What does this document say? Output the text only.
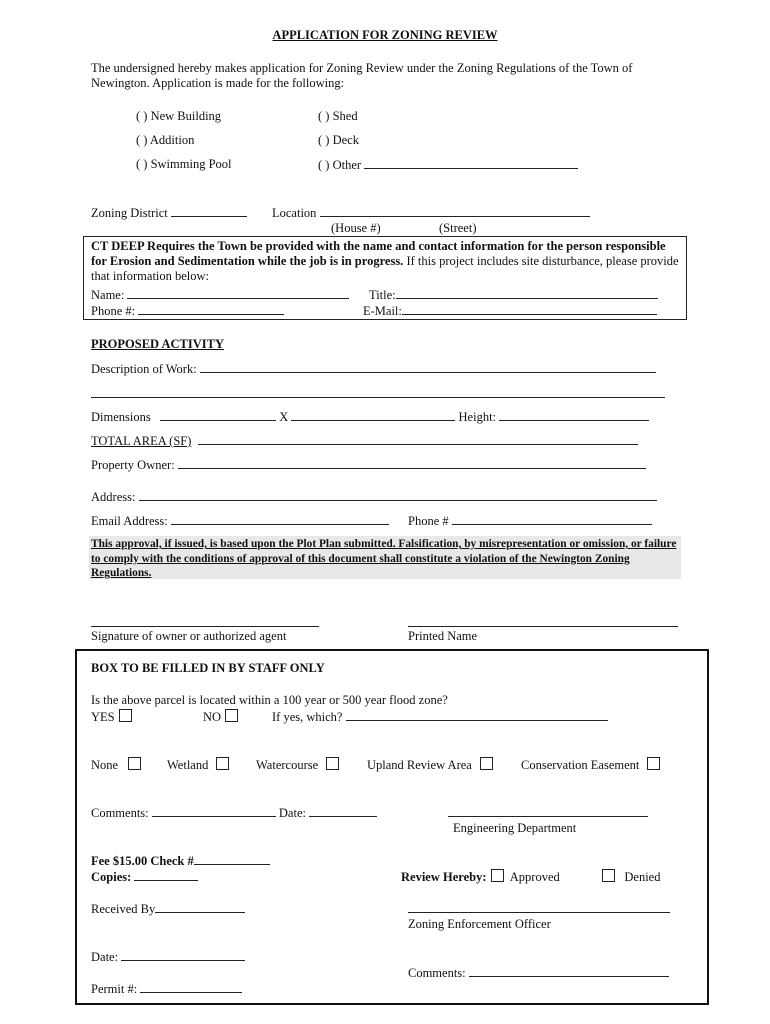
APPLICATION FOR ZONING REVIEW
The undersigned hereby makes application for Zoning Review under the Zoning Regulations of the Town of Newington. Application is made for the following:
( ) New Building
( ) Addition
( ) Swimming Pool
( ) Shed
( ) Deck
( ) Other
Zoning District	Location
(House #)	(Street)
CT DEEP Requires the Town be provided with the name and contact information for the person responsible for Erosion and Sedimentation while the job is in progress. If this project includes site disturbance, please provide that information below:
Name:	Title:
Phone #:	E-Mail:
PROPOSED ACTIVITY
Description of Work:
Dimensions	X	Height:
TOTAL AREA (SF)
Property Owner:
Address:
Email Address:	Phone #
This approval, if issued, is based upon the Plot Plan submitted. Falsification, by misrepresentation or omission, or failure to comply with the conditions of approval of this document shall constitute a violation of the Newington Zoning Regulations.
Signature of owner or authorized agent	Printed Name
BOX TO BE FILLED IN BY STAFF ONLY
Is the above parcel is located within a 100 year or 500 year flood zone?
YES	NO	If yes, which?
None	Wetland	Watercourse	Upland Review Area	Conservation Easement
Comments:	Date:
Engineering Department
Fee $15.00 Check #
Copies:	Review Hereby: Approved	Denied
Received By
Zoning Enforcement Officer
Date:
Comments:
Permit #:
